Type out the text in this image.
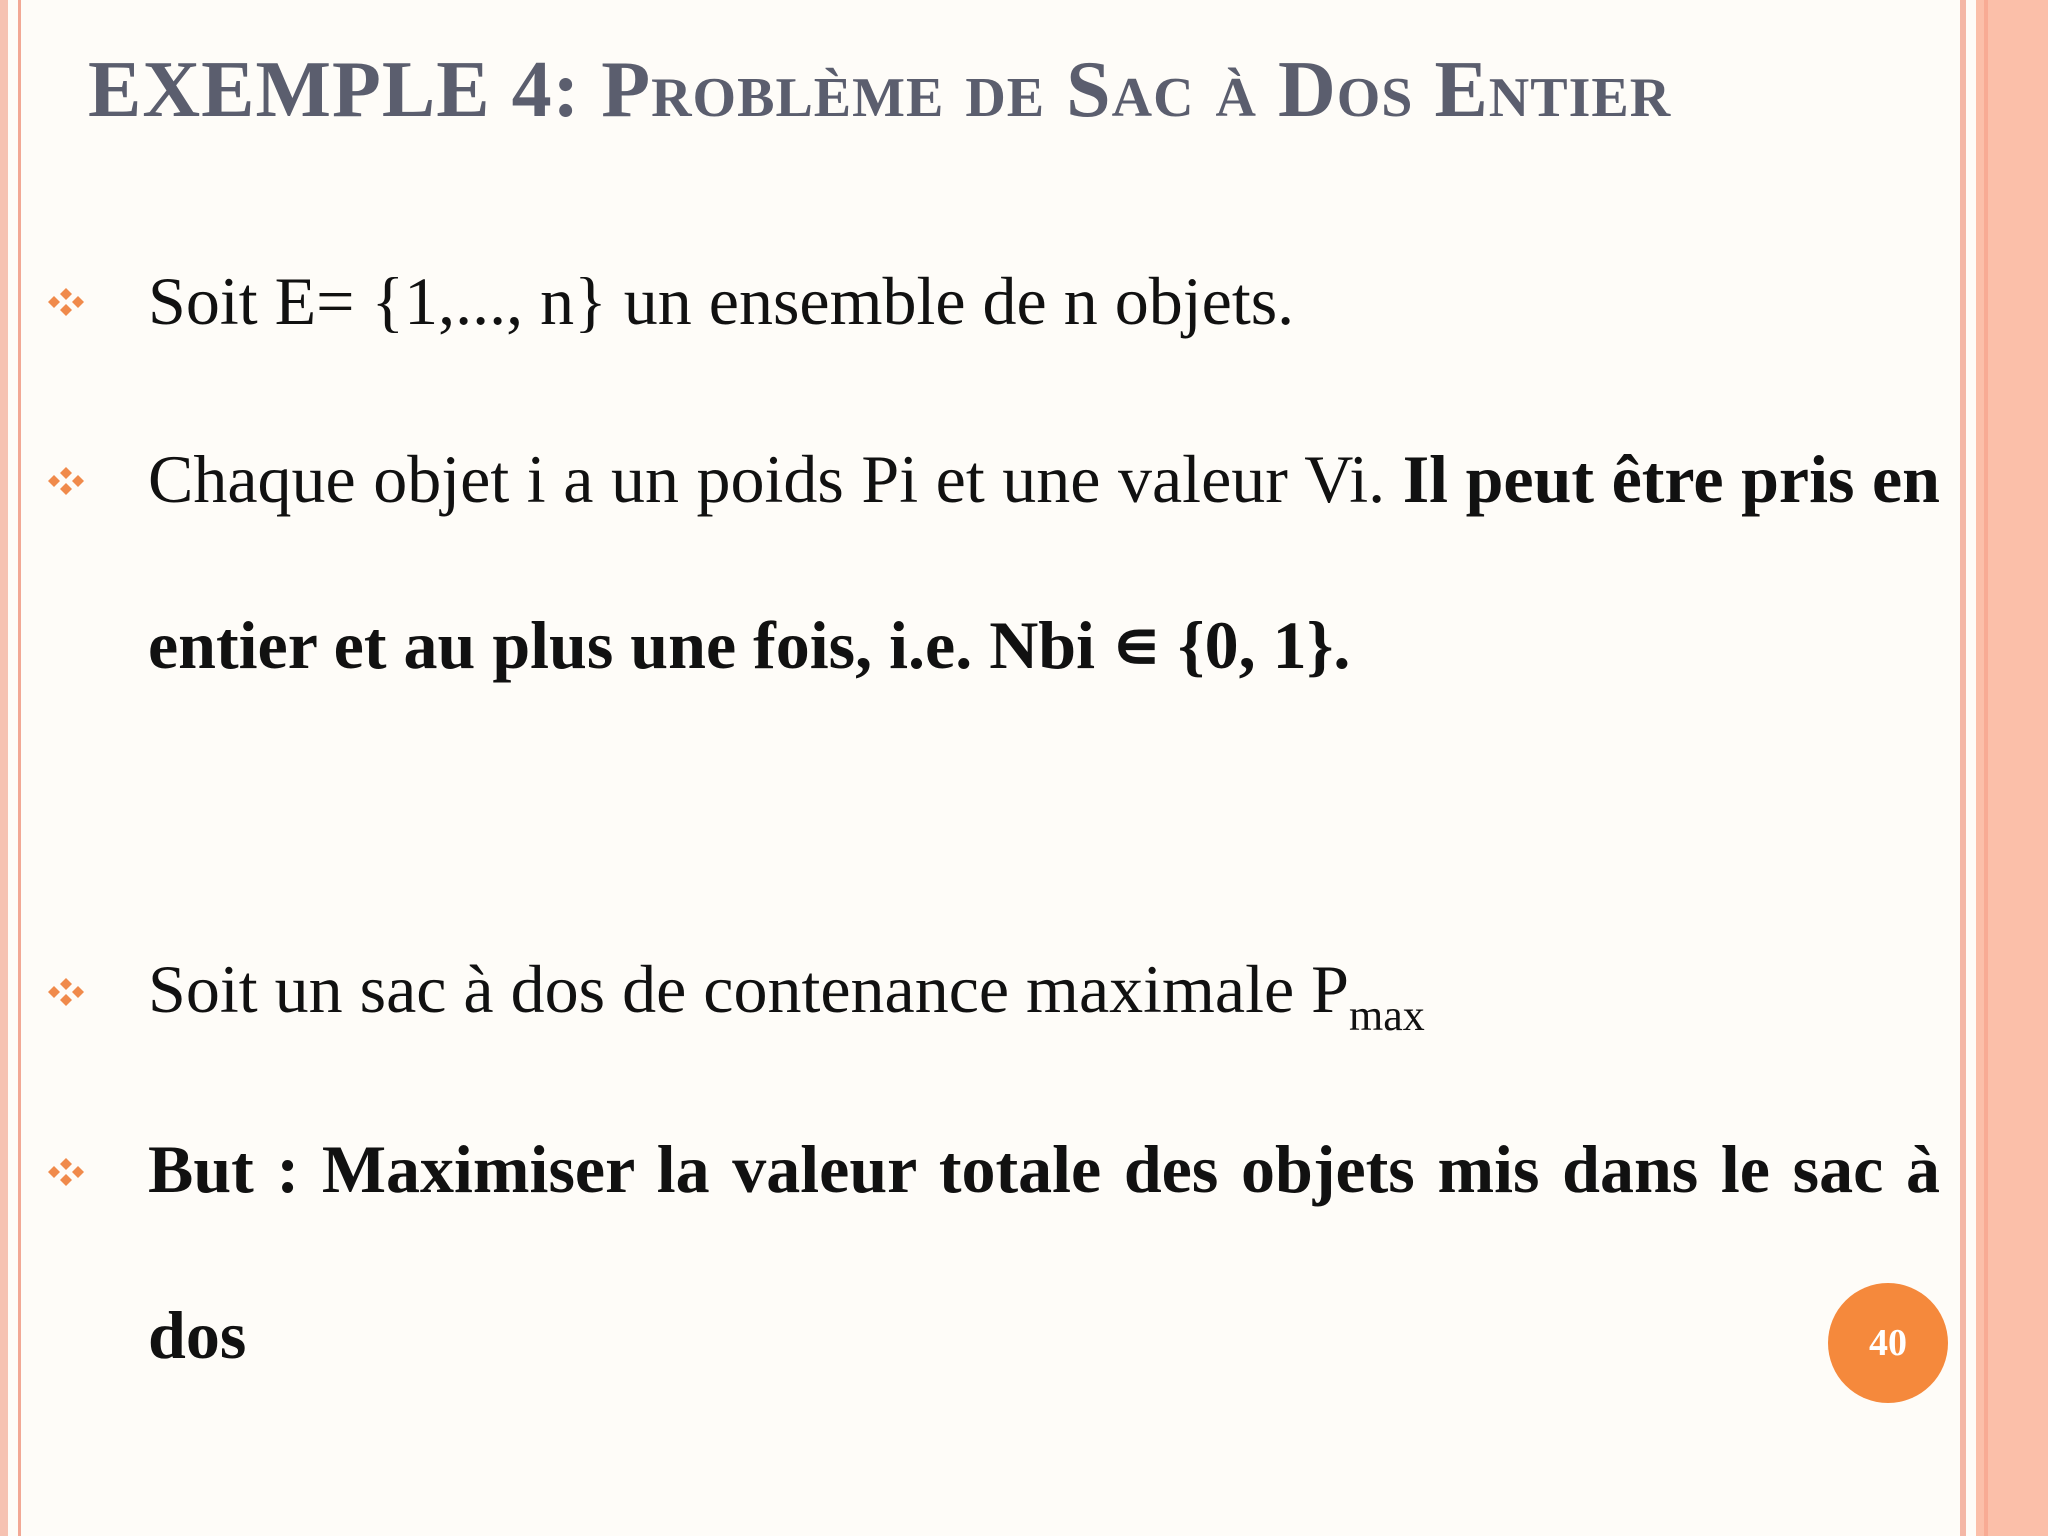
EXEMPLE 4: Problème de Sac à Dos Entier
Soit E= {1,..., n} un ensemble de n objets.
Chaque objet i a un poids Pi et une valeur Vi. Il peut être pris en entier et au plus une fois, i.e. Nbi ∊ {0, 1}.
Soit un sac à dos de contenance maximale $P_{max}$
But : Maximiser la valeur totale des objets mis dans le sac à dos	40
